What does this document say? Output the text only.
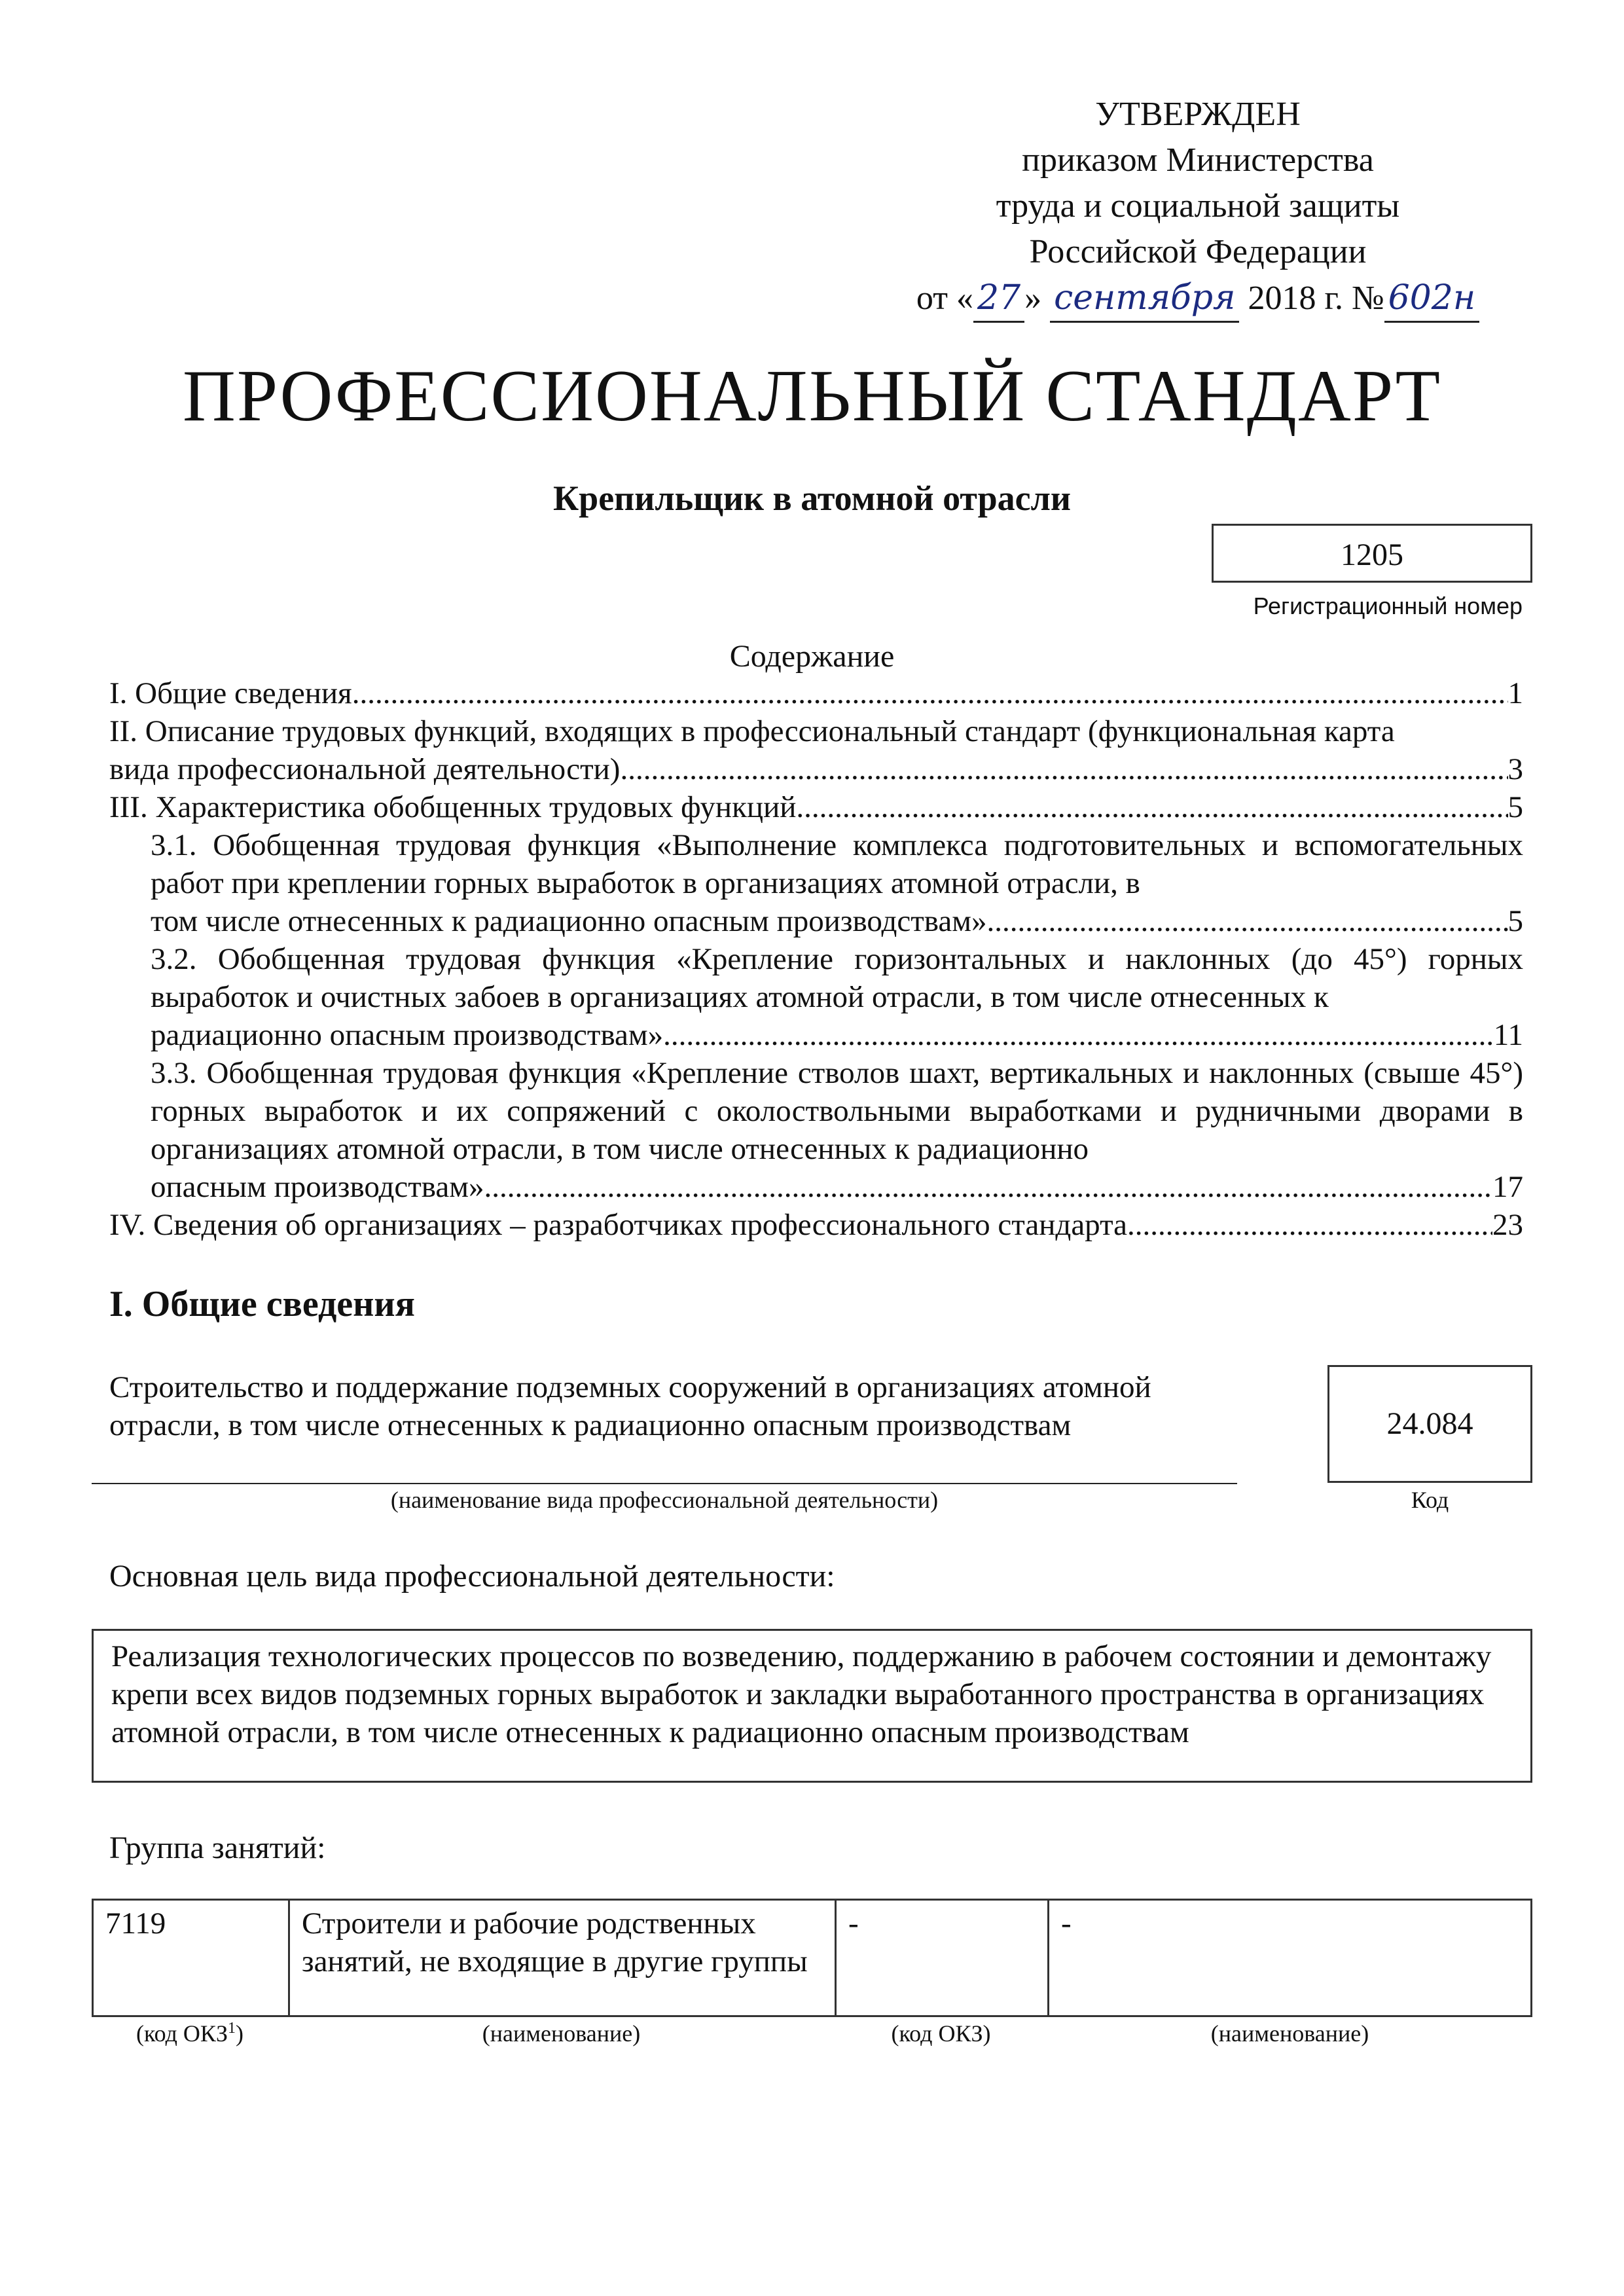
УТВЕРЖДЕН
приказом Министерства
труда и социальной защиты
Российской Федерации
от « 27 » сентября 2018 г. № 602н
ПРОФЕССИОНАЛЬНЫЙ СТАНДАРТ
Крепильщик в атомной отрасли
1205
Регистрационный номер
Содержание
I. Общие сведения .....	1
II. Описание трудовых функций, входящих в профессиональный стандарт (функциональная карта
вида профессиональной деятельности) .....	3
III. Характеристика обобщенных трудовых функций .....	5
3.1. Обобщенная трудовая функция «Выполнение комплекса подготовительных и вспомогательных работ при креплении горных выработок в организациях атомной отрасли, в
том числе отнесенных к радиационно опасным производствам» .....	5
3.2. Обобщенная трудовая функция «Крепление горизонтальных и наклонных (до 45°) горных выработок и очистных забоев в организациях атомной отрасли, в том числе отнесенных к
радиационно опасным производствам» .....	11
3.3. Обобщенная трудовая функция «Крепление стволов шахт, вертикальных и наклонных (свыше 45°) горных выработок и их сопряжений с околоствольными выработками и рудничными дворами в организациях атомной отрасли, в том числе отнесенных к радиационно
опасным производствам» .....	17
IV. Сведения об организациях – разработчиках профессионального стандарта .....	23
I. Общие сведения
Строительство и поддержание подземных сооружений в организациях атомной отрасли, в том числе отнесенных к радиационно опасным производствам
(наименование вида профессиональной деятельности)
24.084
Код
Основная цель вида профессиональной деятельности:
Реализация технологических процессов по возведению, поддержанию в рабочем состоянии и демонтажу крепи всех видов подземных горных выработок и закладки выработанного пространства в организациях атомной отрасли, в том числе отнесенных к радиационно опасным производствам
Группа занятий:
7119	Строители и рабочие родственных занятий, не входящие в другие группы	-	-
(код ОКЗ$^1$)	(наименование)	(код ОКЗ)	(наименование)
